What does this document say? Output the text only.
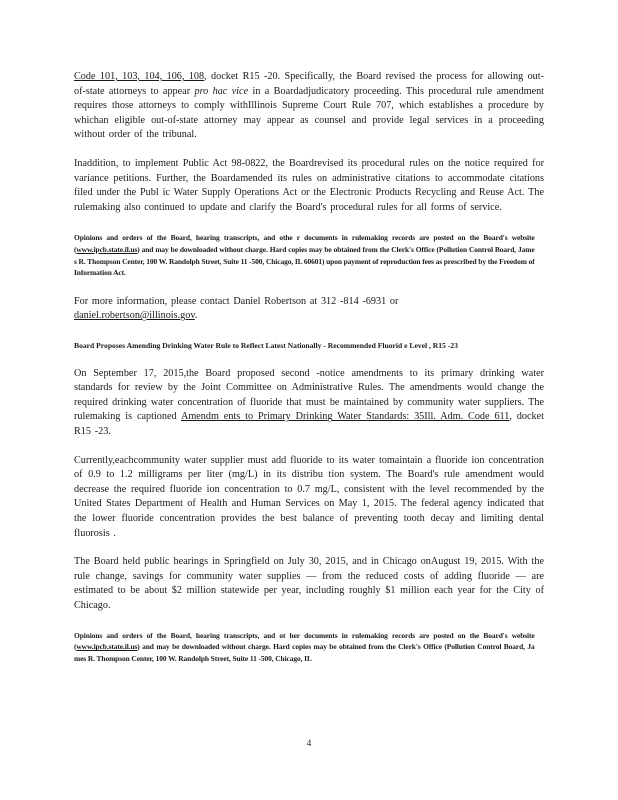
Code 101, 103, 104, 106, 108, docket R15 -20. Specifically, the Board revised the process for allowing out-of-state attorneys to appear pro hac vice in a Boardadjudicatory proceeding. This procedural rule amendment requires those attorneys to comply withIllinois Supreme Court Rule 707, which establishes a procedure by whichan eligible out-of-state attorney may appear as counsel and provide legal services in a proceeding without order of the tribunal.

Inaddition, to implement Public Act 98-0822, the Boardrevised its procedural rules on the notice required for variance petitions. Further, the Boardamended its rules on administrative citations to accommodate citations filed under the Publ ic Water Supply Operations Act or the Electronic Products Recycling and Reuse Act. The rulemaking also continued to update and clarify the Board's procedural rules for all forms of service.

Opinions and orders of the Board, hearing transcripts, and othe r documents in rulemaking records are posted on the Board's website (www.ipcb.state.il.us) and may be downloaded without charge. Hard copies may be obtained from the Clerk's Office (Pollution Control Board, Jame s R. Thompson Center, 100 W. Randolph Street, Suite 11 -500, Chicago, IL 60601) upon payment of reproduction fees as prescribed by the Freedom of Information Act.

For more information, please contact Daniel Robertson at 312 -814 -6931 or
daniel.robertson@illinois.gov.

Board Proposes Amending Drinking Water Rule to Reflect Latest Nationally - Recommended Fluorid e Level , R15 -23

On September 17, 2015,the Board proposed second -notice amendments to its primary drinking water standards for review by the Joint Committee on Administrative Rules. The amendments would change the required drinking water concentration of fluoride that must be maintained by community water suppliers. The rulemaking is captioned Amendm ents to Primary Drinking Water Standards: 35Ill. Adm. Code 611, docket R15 -23.

Currently,eachcommunity water supplier must add fluoride to its water tomaintain a fluoride ion concentration of 0.9 to 1.2 milligrams per liter (mg/L) in its distribu tion system. The Board's rule amendment would decrease the required fluoride ion concentration to 0.7 mg/L, consistent with the level recommended by the United States Department of Health and Human Services on May 1, 2015. The federal agency indicated that the lower fluoride concentration provides the best balance of preventing tooth decay and limiting dental fluorosis .

The Board held public hearings in Springfield on July 30, 2015, and in Chicago onAugust 19, 2015. With the rule change, savings for community water supplies — from the reduced costs of adding fluoride — are estimated to be about $2 million statewide per year, including roughly $1 million each year for the City of Chicago.

Opinions and orders of the Board, hearing transcripts, and ot her documents in rulemaking records are posted on the Board's website (www.ipcb.state.il.us) and may be downloaded without charge. Hard copies may be obtained from the Clerk's Office (Pollution Control Board, Ja mes R. Thompson Center, 100 W. Randolph Street, Suite 11 -500, Chicago, IL

4
